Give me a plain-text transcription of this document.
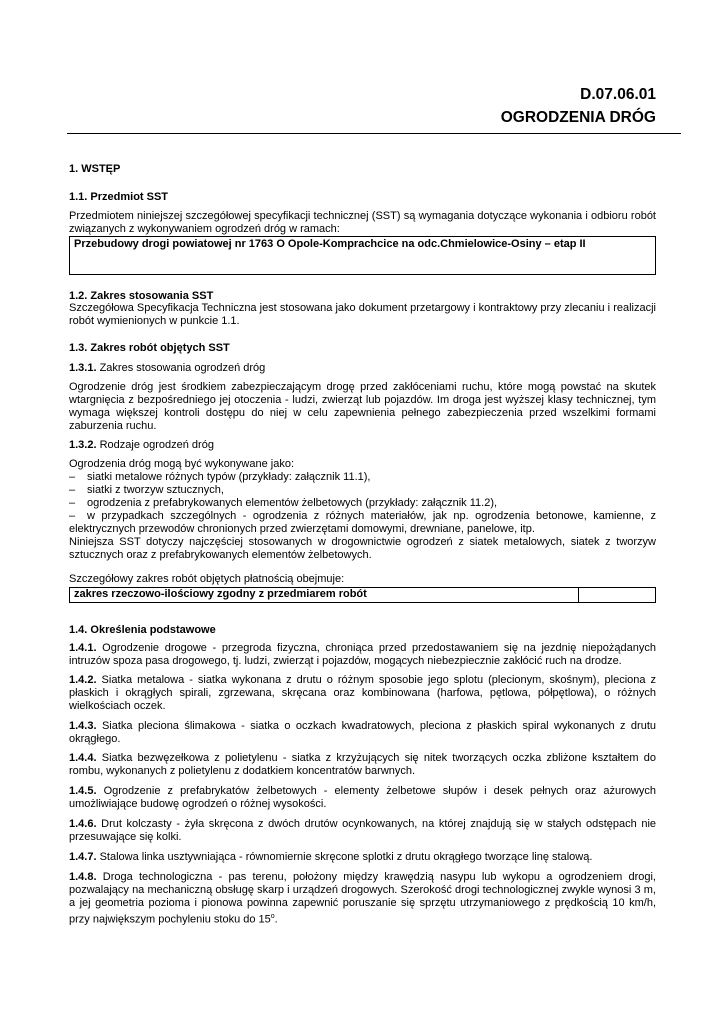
D.07.06.01
OGRODZENIA DRÓG
1. WSTĘP
1.1. Przedmiot SST
Przedmiotem niniejszej szczegółowej specyfikacji technicznej (SST) są wymagania dotyczące wykonania i odbioru robót związanych z wykonywaniem ogrodzeń dróg w ramach:
Przebudowy drogi powiatowej nr 1763 O Opole-Komprachcice na odc.Chmielowice-Osiny – etap II
1.2. Zakres stosowania SST
Szczegółowa Specyfikacja Techniczna jest stosowana jako dokument przetargowy i kontraktowy przy zlecaniu i realizacji robót wymienionych w punkcie 1.1.
1.3. Zakres robót objętych SST
1.3.1. Zakres stosowania ogrodzeń dróg
Ogrodzenie dróg jest środkiem zabezpieczającym drogę przed zakłóceniami ruchu, które mogą powstać na skutek wtargnięcia z bezpośredniego jej otoczenia - ludzi, zwierząt lub pojazdów. Im droga jest wyższej klasy technicznej, tym wymaga większej kontroli dostępu do niej w celu zapewnienia pełnego zabezpieczenia przed wszelkimi formami zaburzenia ruchu.
1.3.2. Rodzaje ogrodzeń dróg
Ogrodzenia dróg mogą być wykonywane jako:
– siatki metalowe różnych typów (przykłady: załącznik 11.1),
– siatki z tworzyw sztucznych,
– ogrodzenia z prefabrykowanych elementów żelbetowych (przykłady: załącznik 11.2),
– w przypadkach szczególnych - ogrodzenia z różnych materiałów, jak np. ogrodzenia betonowe, kamienne, z elektrycznych przewodów chronionych przed zwierzętami domowymi, drewniane, panelowe, itp.
Niniejsza SST dotyczy najczęściej stosowanych w drogownictwie ogrodzeń z siatek metalowych, siatek z tworzyw sztucznych oraz z prefabrykowanych elementów żelbetowych.
Szczegółowy zakres robót objętych płatnością obejmuje:
zakres rzeczowo-ilościowy zgodny z przedmiarem robót
1.4. Określenia podstawowe
1.4.1. Ogrodzenie drogowe - przegroda fizyczna, chroniąca przed przedostawaniem się na jezdnię niepożądanych intruzów spoza pasa drogowego, tj. ludzi, zwierząt i pojazdów, mogących niebezpiecznie zakłócić ruch na drodze.
1.4.2. Siatka metalowa - siatka wykonana z drutu o różnym sposobie jego splotu (plecionym, skośnym), pleciona z płaskich i okrągłych spirali, zgrzewana, skręcana oraz kombinowana (harfowa, pętlowa, półpętlowa), o różnych wielkościach oczek.
1.4.3. Siatka pleciona ślimakowa - siatka o oczkach kwadratowych, pleciona z płaskich spiral wykonanych z drutu okrągłego.
1.4.4. Siatka bezwęzełkowa z polietylenu - siatka z krzyżujących się nitek tworzących oczka zbliżone kształtem do rombu, wykonanych z polietylenu z dodatkiem koncentratów barwnych.
1.4.5. Ogrodzenie z prefabrykatów żelbetowych - elementy żelbetowe słupów i desek pełnych oraz ażurowych umożliwiające budowę ogrodzeń o różnej wysokości.
1.4.6. Drut kolczasty - żyła skręcona z dwóch drutów ocynkowanych, na której znajdują się w stałych odstępach nie przesuwające się kolki.
1.4.7. Stalowa linka usztywniająca - równomiernie skręcone splotki z drutu okrągłego tworzące linę stalową.
1.4.8. Droga technologiczna - pas terenu, położony między krawędzią nasypu lub wykopu a ogrodzeniem drogi, pozwalający na mechaniczną obsługę skarp i urządzeń drogowych. Szerokość drogi technologicznej zwykle wynosi 3 m, a jej geometria pozioma i pionowa powinna zapewnić poruszanie się sprzętu utrzymaniowego z prędkością 10 km/h, przy największym pochyleniu stoku do 15$^o$.
